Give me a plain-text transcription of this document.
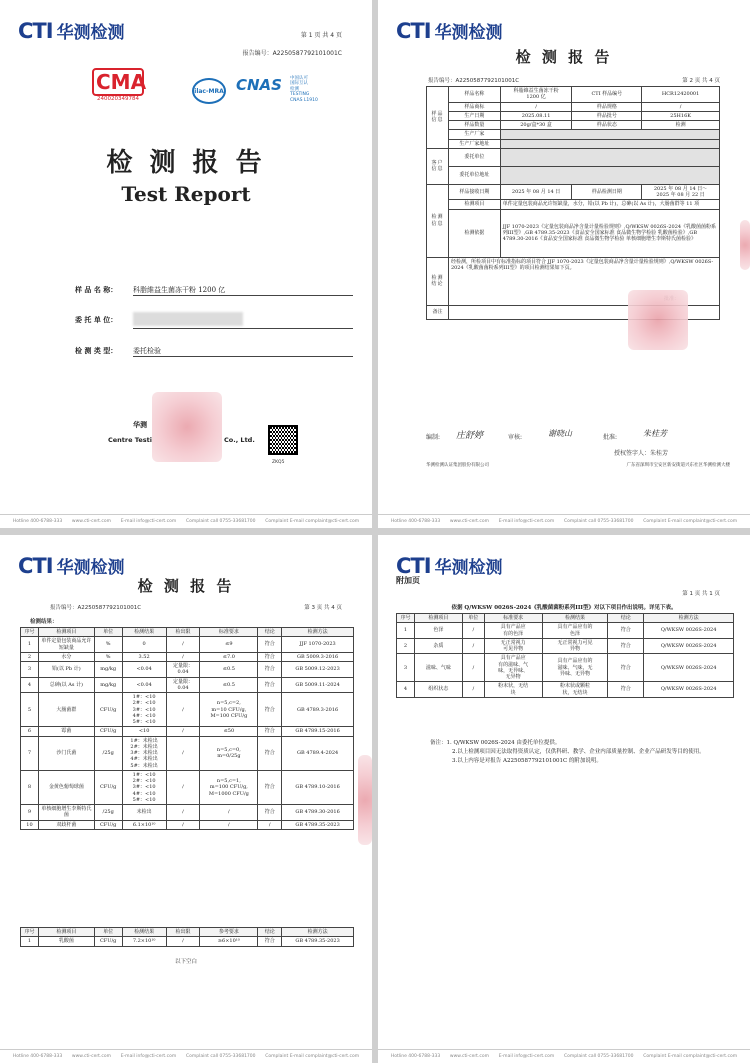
CTI 华测检测	第 1 页 共 4 页
报告编号：A2250587792101001C
CMA
240020349784
ilac-MRA CNAS 中国认可
国际互认
检测
TESTING
CNAS L1910
检 测 报 告
Test Report
样 品 名 称： 科脂維益生菌冻干粉 1200 亿
委 托 单 位：
检 测 类 型： 委托检验
华测
Centre Testi	Co., Ltd.
ZKQ5
Hotline 400-6788-333 www.cti-cert.com E-mail info@cti-cert.com Complaint call 0755-33681700 Complaint E-mail complaint@cti-cert.com
CTI 华测检测
检 测 报 告
报告编号：A2250587792101001C	第 2 页 共 4 页
样品信息	样品名称	科脂維益生菌冻干粉
1200 亿	CTI 样品编号	HCR12420001
	样品商标	/	样品规格	/
	生产日期	2025.08.11	样品批号	25H16K
	样品数量	20g/盒*30 盒	样品状态	检测
	生产厂家			
	生产厂家地址			
客户信息	委托单位			
	委托单位地址			
检测信息	样品接收日期	2025 年 08 月 14 日	样品检测日期	2025 年 08 月 14 日～
2025 年 08 月 22 日
	检测项目	单件定量包装商品允许短缺量，水分，铅(以 Pb 计)，总砷(以 As 计)，大肠菌群等 11 项		
	检测依据	JJF 1070-2023《定量包装商品净含量计量检验规则》,Q/WKSW 0026S-2024《乳酸菌菌粉系列III型》,GB 4789.35-2023《食品安全国家标准 食品微生物学检验 乳酸菌检验》,GB 4789.30-2016《食品安全国家标准 食品微生物学检验 单核细胞增生李斯特氏菌检验》		
检测结论	经检测，所检项目中有标准指标的项目符合 JJF 1070-2023《定量包装商品净含量计量检验规则》,Q/WKSW 0026S-2024《乳酸菌菌粉系列III型》的项目检测结果如下页。			

备注				
编制: 庄舒婷	审核:	谢晓山	批准:	朱桂芳
授权签字人：朱桂芳
华测检测认证集团股份有限公司	广东省深圳市宝安区新安街道兴东社区华测检测大楼
Hotline 400-6788-333 www.cti-cert.com E-mail info@cti-cert.com Complaint call 0755-33681700 Complaint E-mail complaint@cti-cert.com
CTI 华测检测
检 测 报 告
报告编号：A2250587792101001C	第 3 页 共 4 页
检测结果：
序号	检测项目	单位	检测结果	检出限	标准要求	结论	检测方法
1	单件定量包装商品允许短缺量	%	0	/	≤9	符合	JJF 1070-2023
2	水分	%	3.52	/	≤7.0	符合	GB 5009.3-2016
3	铅(以 Pb 计)	mg/kg	<0.04	定量限：
0.04	≤0.5	符合	GB 5009.12-2023
4	总砷(以 As 计)	mg/kg	<0.04	定量限：
0.04	≤0.5	符合	GB 5009.11-2024
5	大肠菌群	CFU/g	1#：<10
2#：<10
3#：<10
4#：<10
5#：<10	/	n=5,c=2,
m=10 CFU/g,
M=100 CFU/g	符合	GB 4789.3-2016
6	霉菌	CFU/g	<10	/	≤50	符合	GB 4789.15-2016
7	沙门氏菌	/25g	1#：未检出
2#：未检出
3#：未检出
4#：未检出
5#：未检出	/	n=5,c=0,
m=0/25g	符合	GB 4789.4-2024
8	金黄色葡萄球菌	CFU/g	1#：<10
2#：<10
3#：<10
4#：<10
5#：<10	/	n=5,c=1,
m=100 CFU/g,
M=1000 CFU/g	符合	GB 4789.10-2016
9	单核细胞增生李斯特氏菌	/25g	未检出	/	/	符合	GB 4789.30-2016
10	双歧杆菌	CFU/g	6.1×10¹⁰	/	/	/	GB 4789.35-2023
序号	检测项目	单位	检测结果	检出限	参考要求	结论	检测方法
1	乳酸菌	CFU/g	7.2×10¹⁰	/	≥6×10¹⁰	符合	GB 4789.35-2023
以下空白
Hotline 400-6788-333 www.cti-cert.com E-mail info@cti-cert.com Complaint call 0755-33681700 Complaint E-mail complaint@cti-cert.com
CTI 华测检测
附加页
第 1 页 共 1 页
依据 Q/WKSW 0026S-2024《乳酸菌菌粉系列III型》对以下项目作出说明。详见下表。
序号	检测项目	单位	标准要求	检测结果	结论	检测方法
1	色泽	/	具有产品应
有的色泽	具有产品应有的
色泽	符合	Q/WKSW 0026S-2024
2	杂质	/	无正常视力
可见异物	无正常视力可见
异物	符合	Q/WKSW 0026S-2024
3	滋味、气味	/	具有产品应
有的滋味、气
味，无异味、
无异物	具有产品应有的
滋味、气味，无
异味、无异物	符合	Q/WKSW 0026S-2024
4	组织状态	/	粉末状，无结
块	粉末状或颗粒
状，无结块	符合	Q/WKSW 0026S-2024
备注：1. Q/WKSW 0026S-2024 由委托单位提供。
2.以上检测项目因无法取得资质认定，仅供科研、教学、企业内部质量控制、企业产品研发等目的使用。
3.以上内容是对报告 A2250587792101001C 的附加说明。
Hotline 400-6788-333 www.cti-cert.com E-mail info@cti-cert.com Complaint call 0755-33681700 Complaint E-mail complaint@cti-cert.com
